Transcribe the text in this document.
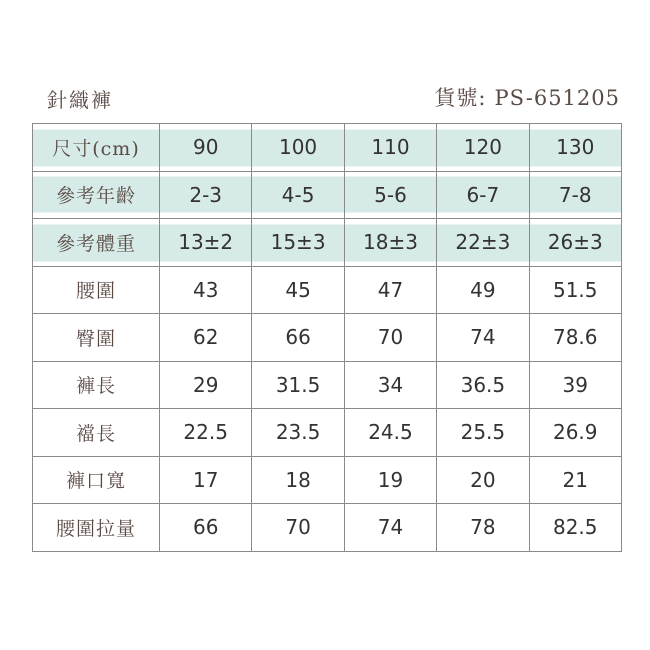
針織褲	貨號: PS-651205
尺寸(cm)	90	100	110	120	130
參考年齡	2-3	4-5	5-6	6-7	7-8
參考體重	13±2	15±3	18±3	22±3	26±3
腰圍	43	45	47	49	51.5
臀圍	62	66	70	74	78.6
褲長	29	31.5	34	36.5	39
襠長	22.5	23.5	24.5	25.5	26.9
褲口寬	17	18	19	20	21
腰圍拉量	66	70	74	78	82.5
